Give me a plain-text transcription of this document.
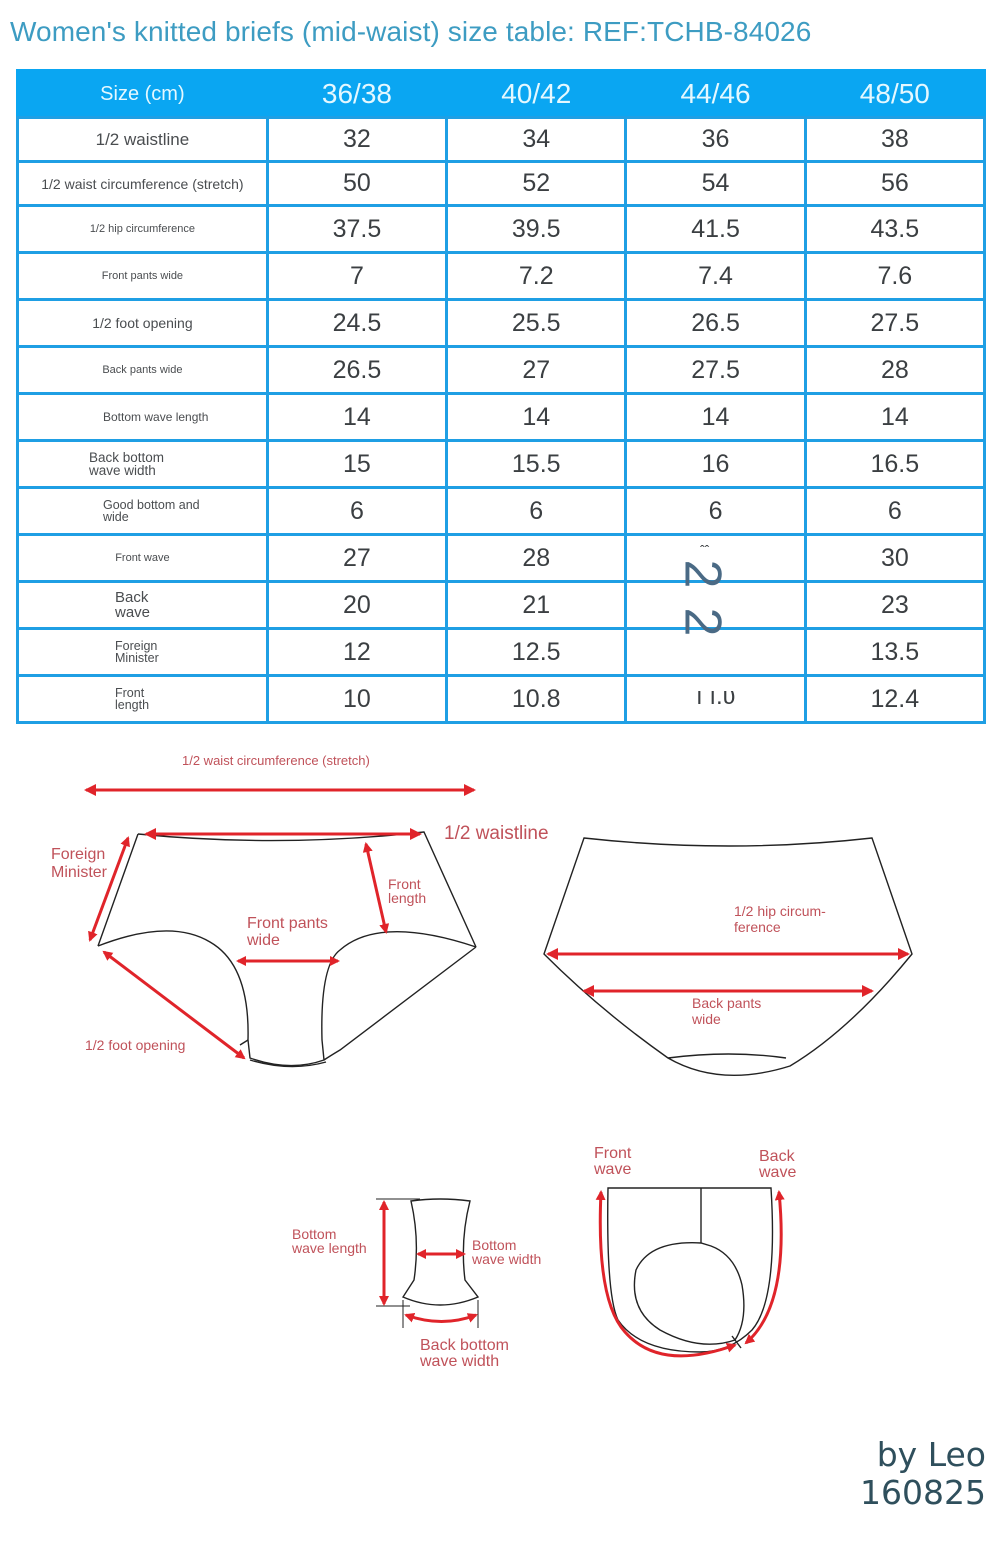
Women's knitted briefs (mid-waist) size table: REF:TCHB-84026
Size (cm)	36/38	40/42	44/46	48/50
1/2 waistline	32	34	36	38
1/2 waist circumference (stretch)	50	52	54	56
1/2 hip circumference	37.5	39.5	41.5	43.5
Front pants wide	7	7.2	7.4	7.6
1/2 foot opening	24.5	25.5	26.5	27.5
Back pants wide	26.5	27	27.5	28
Bottom wave length	14	14	14	14
Back bottom wave width	15	15.5	16	16.5
Good bottom and wide	6	6	6	6
Front wave	27	28		30
Back wave	20	21		23
Foreign Minister	12	12.5		13.5
Front length	10	10.8		12.4
ˆˆ
2
2
ı ı.ʋ
1/2 waist circumference (stretch)
1/2 waistline
Foreign
Minister
Front
length
Front pants
wide
1/2 foot opening
1/2 hip circum-
ference
Back pants
wide
Bottom
wave length	Bottom
wave width
Back bottom
wave width
Front
wave
Back
wave
by Leo
160825
